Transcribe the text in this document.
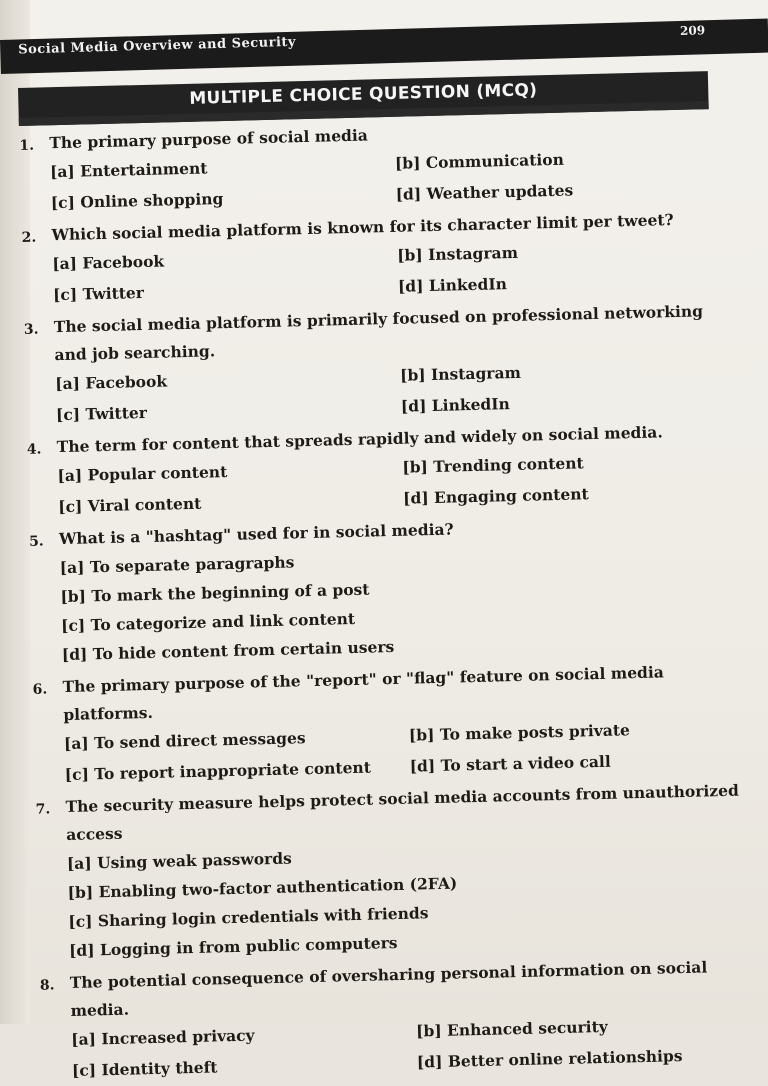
Social Media Overview and Security
209
MULTIPLE CHOICE QUESTION (MCQ)
1. The primary purpose of social media
[a] Entertainment	[b] Communication
[c] Online shopping	[d] Weather updates
2. Which social media platform is known for its character limit per tweet?
[a] Facebook	[b] Instagram
[c] Twitter	[d] LinkedIn
3. The social media platform is primarily focused on professional networking and job searching.
[a] Facebook	[b] Instagram
[c] Twitter	[d] LinkedIn
4. The term for content that spreads rapidly and widely on social media.
[a] Popular content	[b] Trending content
[c] Viral content	[d] Engaging content
5. What is a "hashtag" used for in social media?
[a] To separate paragraphs
[b] To mark the beginning of a post
[c] To categorize and link content
[d] To hide content from certain users
6. The primary purpose of the "report" or "flag" feature on social media platforms.
[a] To send direct messages	[b] To make posts private
[c] To report inappropriate content	[d] To start a video call
7. The security measure helps protect social media accounts from unauthorized access
[a] Using weak passwords
[b] Enabling two-factor authentication (2FA)
[c] Sharing login credentials with friends
[d] Logging in from public computers
8. The potential consequence of oversharing personal information on social media.
[a] Increased privacy	[b] Enhanced security
[c] Identity theft	[d] Better online relationships
